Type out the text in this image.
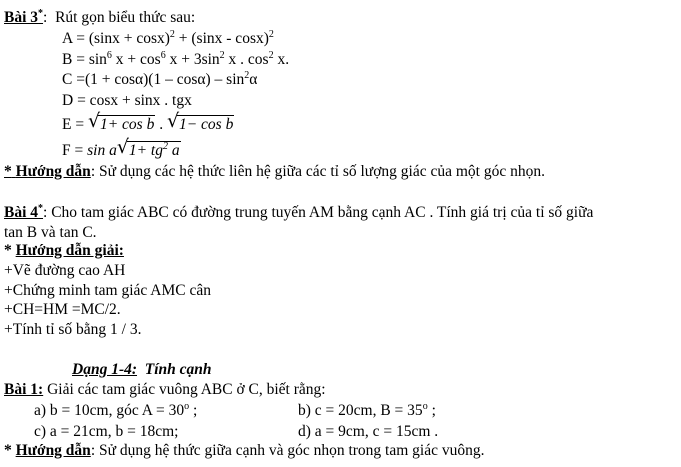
Bài 3*: Rút gọn biểu thức sau:
$A = (\sin x + \cos x)^2 + (\sin x - \cos x)^2$
$B = \sin^6 x + \cos^6 x + 3\sin^2$ x . $\cos^2 x$.
$C =(1 + \cos\alpha)(1 - \cos\alpha) - \sin^2\alpha$
D = cosx + sinx . tgx
E = √ 1+ cos b . √ 1− cos b
F = sin a √ $1+ tg^2$ a
* Hướng dẫn: Sử dụng các hệ thức liên hệ giữa các tỉ số lượng giác của một góc nhọn.
Bài 4*: Cho tam giác ABC có đường trung tuyến AM bằng cạnh AC . Tính giá trị của tỉ số giữa
tan B và tan C.
* Hướng dẫn giải:
+Vẽ đường cao AH
+Chứng minh tam giác AMC cân
+CH=HM =MC/2.
+Tính tỉ số bằng 1 / 3.
Dạng 1-4: Tính cạnh
Bài 1: Giải các tam giác vuông ABC ở C, biết rằng:
a) b = 10cm, góc $A = 30^o$ ;	b) c = 20cm, $B = 35^o$ ;
c) a = 21cm, b = 18cm;	d) a = 9cm, c = 15cm .
* Hướng dẫn: Sử dụng hệ thức giữa cạnh và góc nhọn trong tam giác vuông.
